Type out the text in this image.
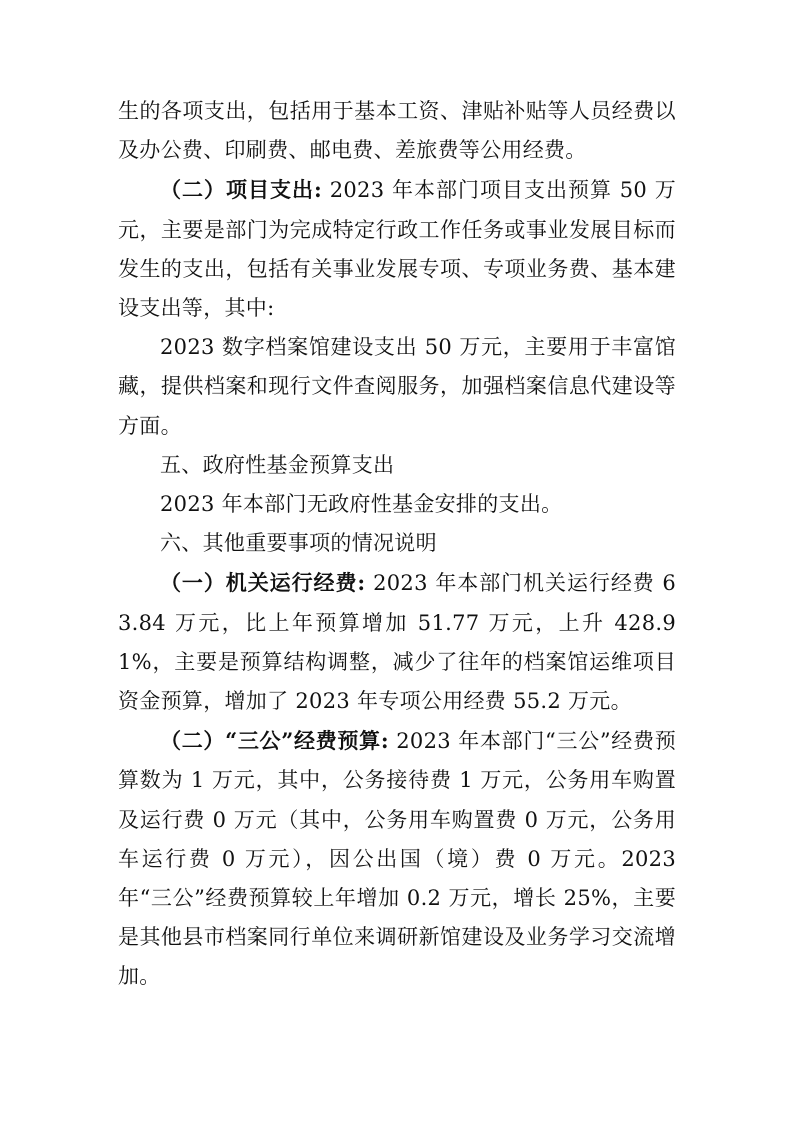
生的各项支出，包括用于基本工资、津贴补贴等人员经费以及办公费、印刷费、邮电费、差旅费等公用经费。

（二）项目支出: 2023 年本部门项目支出预算 50 万元，主要是部门为完成特定行政工作任务或事业发展目标而发生的支出，包括有关事业发展专项、专项业务费、基本建设支出等，其中:

2023 数字档案馆建设支出 50 万元，主要用于丰富馆藏，提供档案和现行文件查阅服务，加强档案信息代建设等方面。

五、政府性基金预算支出

2023 年本部门无政府性基金安排的支出。

六、其他重要事项的情况说明

（一）机关运行经费: 2023 年本部门机关运行经费 63.84 万元，比上年预算增加 51.77 万元，上升 428.91%，主要是预算结构调整，减少了往年的档案馆运维项目资金预算，增加了 2023 年专项公用经费 55.2 万元。

（二）“三公”经费预算: 2023 年本部门“三公”经费预算数为 1 万元，其中，公务接待费 1 万元，公务用车购置及运行费 0 万元（其中，公务用车购置费 0 万元，公务用车运行费 0 万元），因公出国（境）费 0 万元。2023 年“三公”经费预算较上年增加 0.2 万元，增长 25%，主要是其他县市档案同行单位来调研新馆建设及业务学习交流增加。
